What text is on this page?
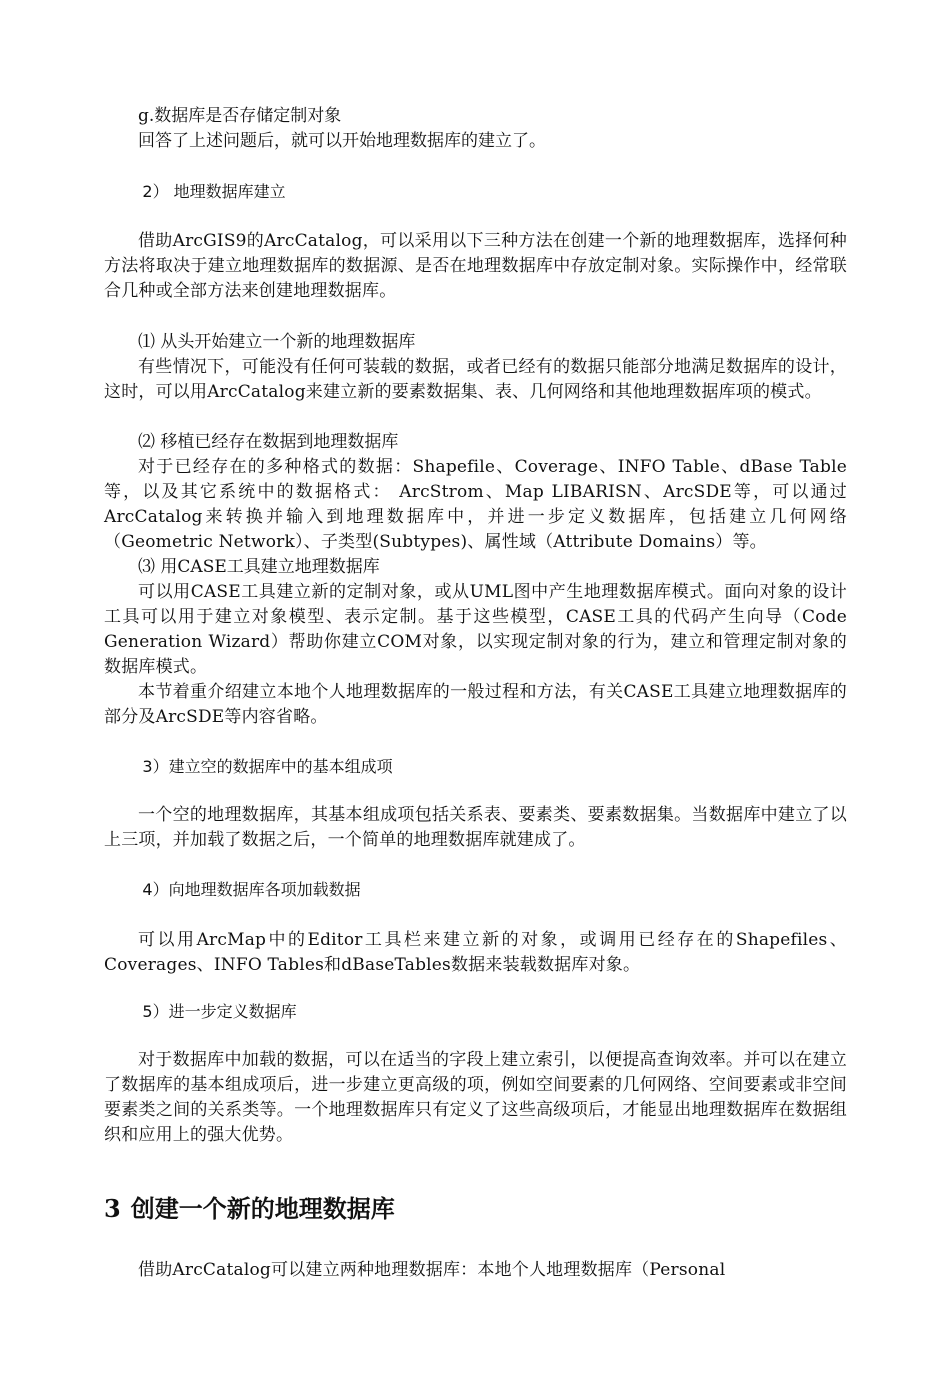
g.数据库是否存储定制对象

回答了上述问题后，就可以开始地理数据库的建立了。

2） 地理数据库建立

借助ArcGIS9的ArcCatalog，可以采用以下三种方法在创建一个新的地理数据库，选择何种方法将取决于建立地理数据库的数据源、是否在地理数据库中存放定制对象。实际操作中，经常联合几种或全部方法来创建地理数据库。

⑴ 从头开始建立一个新的地理数据库

有些情况下，可能没有任何可装载的数据，或者已经有的数据只能部分地满足数据库的设计，这时，可以用ArcCatalog来建立新的要素数据集、表、几何网络和其他地理数据库项的模式。

⑵ 移植已经存在数据到地理数据库

对于已经存在的多种格式的数据：Shapefile、Coverage、INFO Table、dBase Table等，以及其它系统中的数据格式： ArcStrom、Map LIBARISN、ArcSDE等，可以通过ArcCatalog来转换并输入到地理数据库中，并进一步定义数据库，包括建立几何网络（Geometric Network）、子类型(Subtypes)、属性域（Attribute Domains）等。

⑶ 用CASE工具建立地理数据库

可以用CASE工具建立新的定制对象，或从UML图中产生地理数据库模式。面向对象的设计工具可以用于建立对象模型、表示定制。基于这些模型，CASE工具的代码产生向导（Code Generation Wizard）帮助你建立COM对象，以实现定制对象的行为，建立和管理定制对象的数据库模式。

本节着重介绍建立本地个人地理数据库的一般过程和方法，有关CASE工具建立地理数据库的部分及ArcSDE等内容省略。

3）建立空的数据库中的基本组成项

一个空的地理数据库，其基本组成项包括关系表、要素类、要素数据集。当数据库中建立了以上三项，并加载了数据之后，一个简单的地理数据库就建成了。

4）向地理数据库各项加载数据

可以用ArcMap中的Editor工具栏来建立新的对象，或调用已经存在的Shapefiles、Coverages、INFO Tables和dBaseTables数据来装载数据库对象。

5）进一步定义数据库

对于数据库中加载的数据，可以在适当的字段上建立索引，以便提高查询效率。并可以在建立了数据库的基本组成项后，进一步建立更高级的项，例如空间要素的几何网络、空间要素或非空间要素类之间的关系类等。一个地理数据库只有定义了这些高级项后，才能显出地理数据库在数据组织和应用上的强大优势。

3 创建一个新的地理数据库

借助ArcCatalog可以建立两种地理数据库：本地个人地理数据库（Personal
